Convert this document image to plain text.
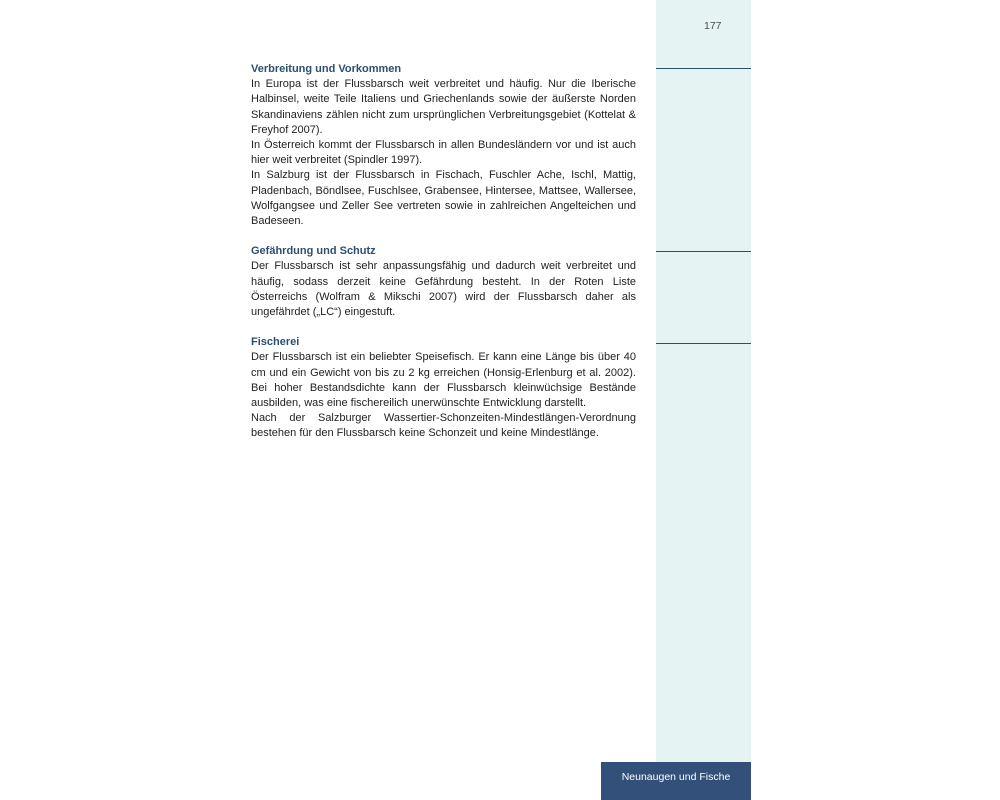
177
Verbreitung und Vorkommen

In Europa ist der Flussbarsch weit verbreitet und häufig. Nur die Iberische Halbinsel, weite Teile Italiens und Griechenlands sowie der äußerste Norden Skandinaviens zählen nicht zum ursprünglichen Verbreitungsgebiet (Kottelat & Freyhof 2007).

In Österreich kommt der Flussbarsch in allen Bundesländern vor und ist auch hier weit verbreitet (Spindler 1997).

In Salzburg ist der Flussbarsch in Fischach, Fuschler Ache, Ischl, Mattig, Pladenbach, Böndlsee, Fuschlsee, Grabensee, Hintersee, Mattsee, Wallersee, Wolfgangsee und Zeller See vertreten sowie in zahlreichen Angelteichen und Badeseen.

Gefährdung und Schutz

Der Flussbarsch ist sehr anpassungsfähig und dadurch weit verbreitet und häufig, sodass derzeit keine Gefährdung besteht. In der Roten Liste Österreichs (Wolfram & Mikschi 2007) wird der Flussbarsch daher als ungefährdet („LC“) eingestuft.

Fischerei

Der Flussbarsch ist ein beliebter Speisefisch. Er kann eine Länge bis über 40 cm und ein Gewicht von bis zu 2 kg erreichen (Honsig-Erlenburg et al. 2002). Bei hoher Bestandsdichte kann der Flussbarsch kleinwüchsige Bestände ausbilden, was eine fischereilich unerwünschte Entwicklung darstellt.

Nach der Salzburger Wassertier-Schonzeiten-Mindestlängen-Verordnung bestehen für den Flussbarsch keine Schonzeit und keine Mindestlänge.

Neunaugen und Fische
